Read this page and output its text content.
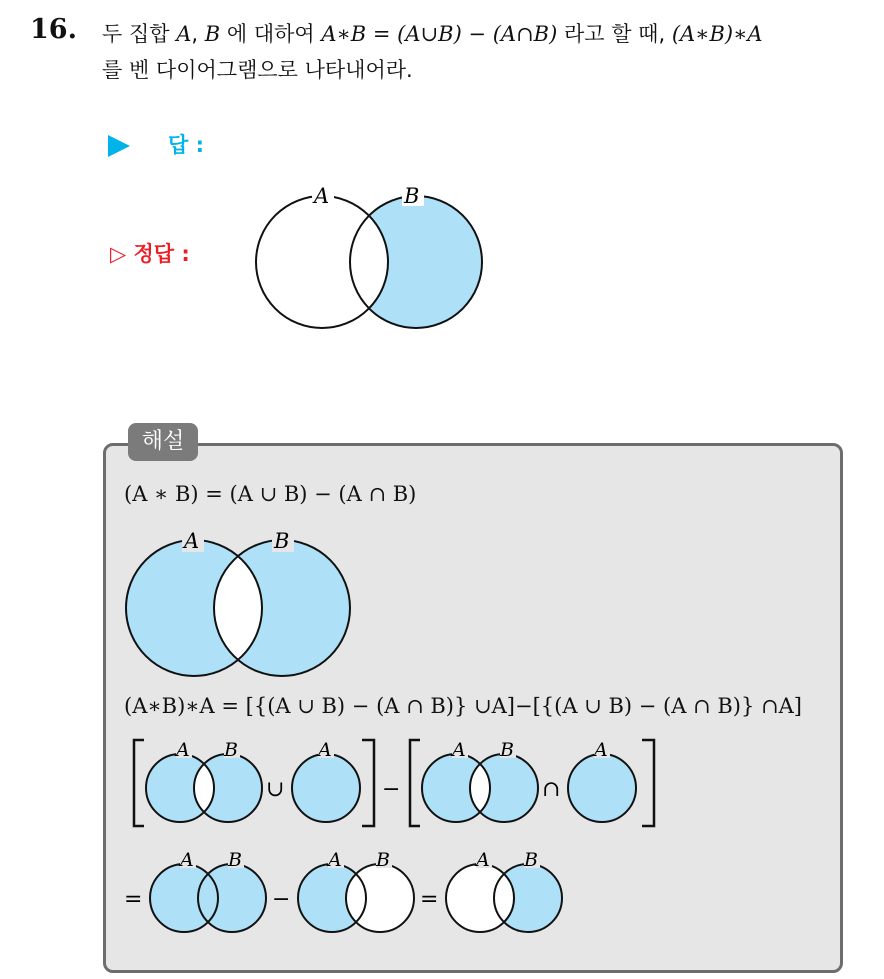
16. 두 집합 A, B 에 대하여 A∗B = (A∪B) − (A∩B) 라고 할 때, (A∗B)∗A
를 벤 다이어그램으로 나타내어라.
답 :
▷ 정답 :
A	B
해설
(A ∗ B) = (A ∪ B) − (A ∩ B)
A	B
(A∗B)∗A = [{(A ∪ B) − (A ∩ B)} ∪A]−[{(A ∪ B) − (A ∩ B)} ∩A]
A B
∪
A
−
A B
∩
A
=
A B
−
A B
=
A B
